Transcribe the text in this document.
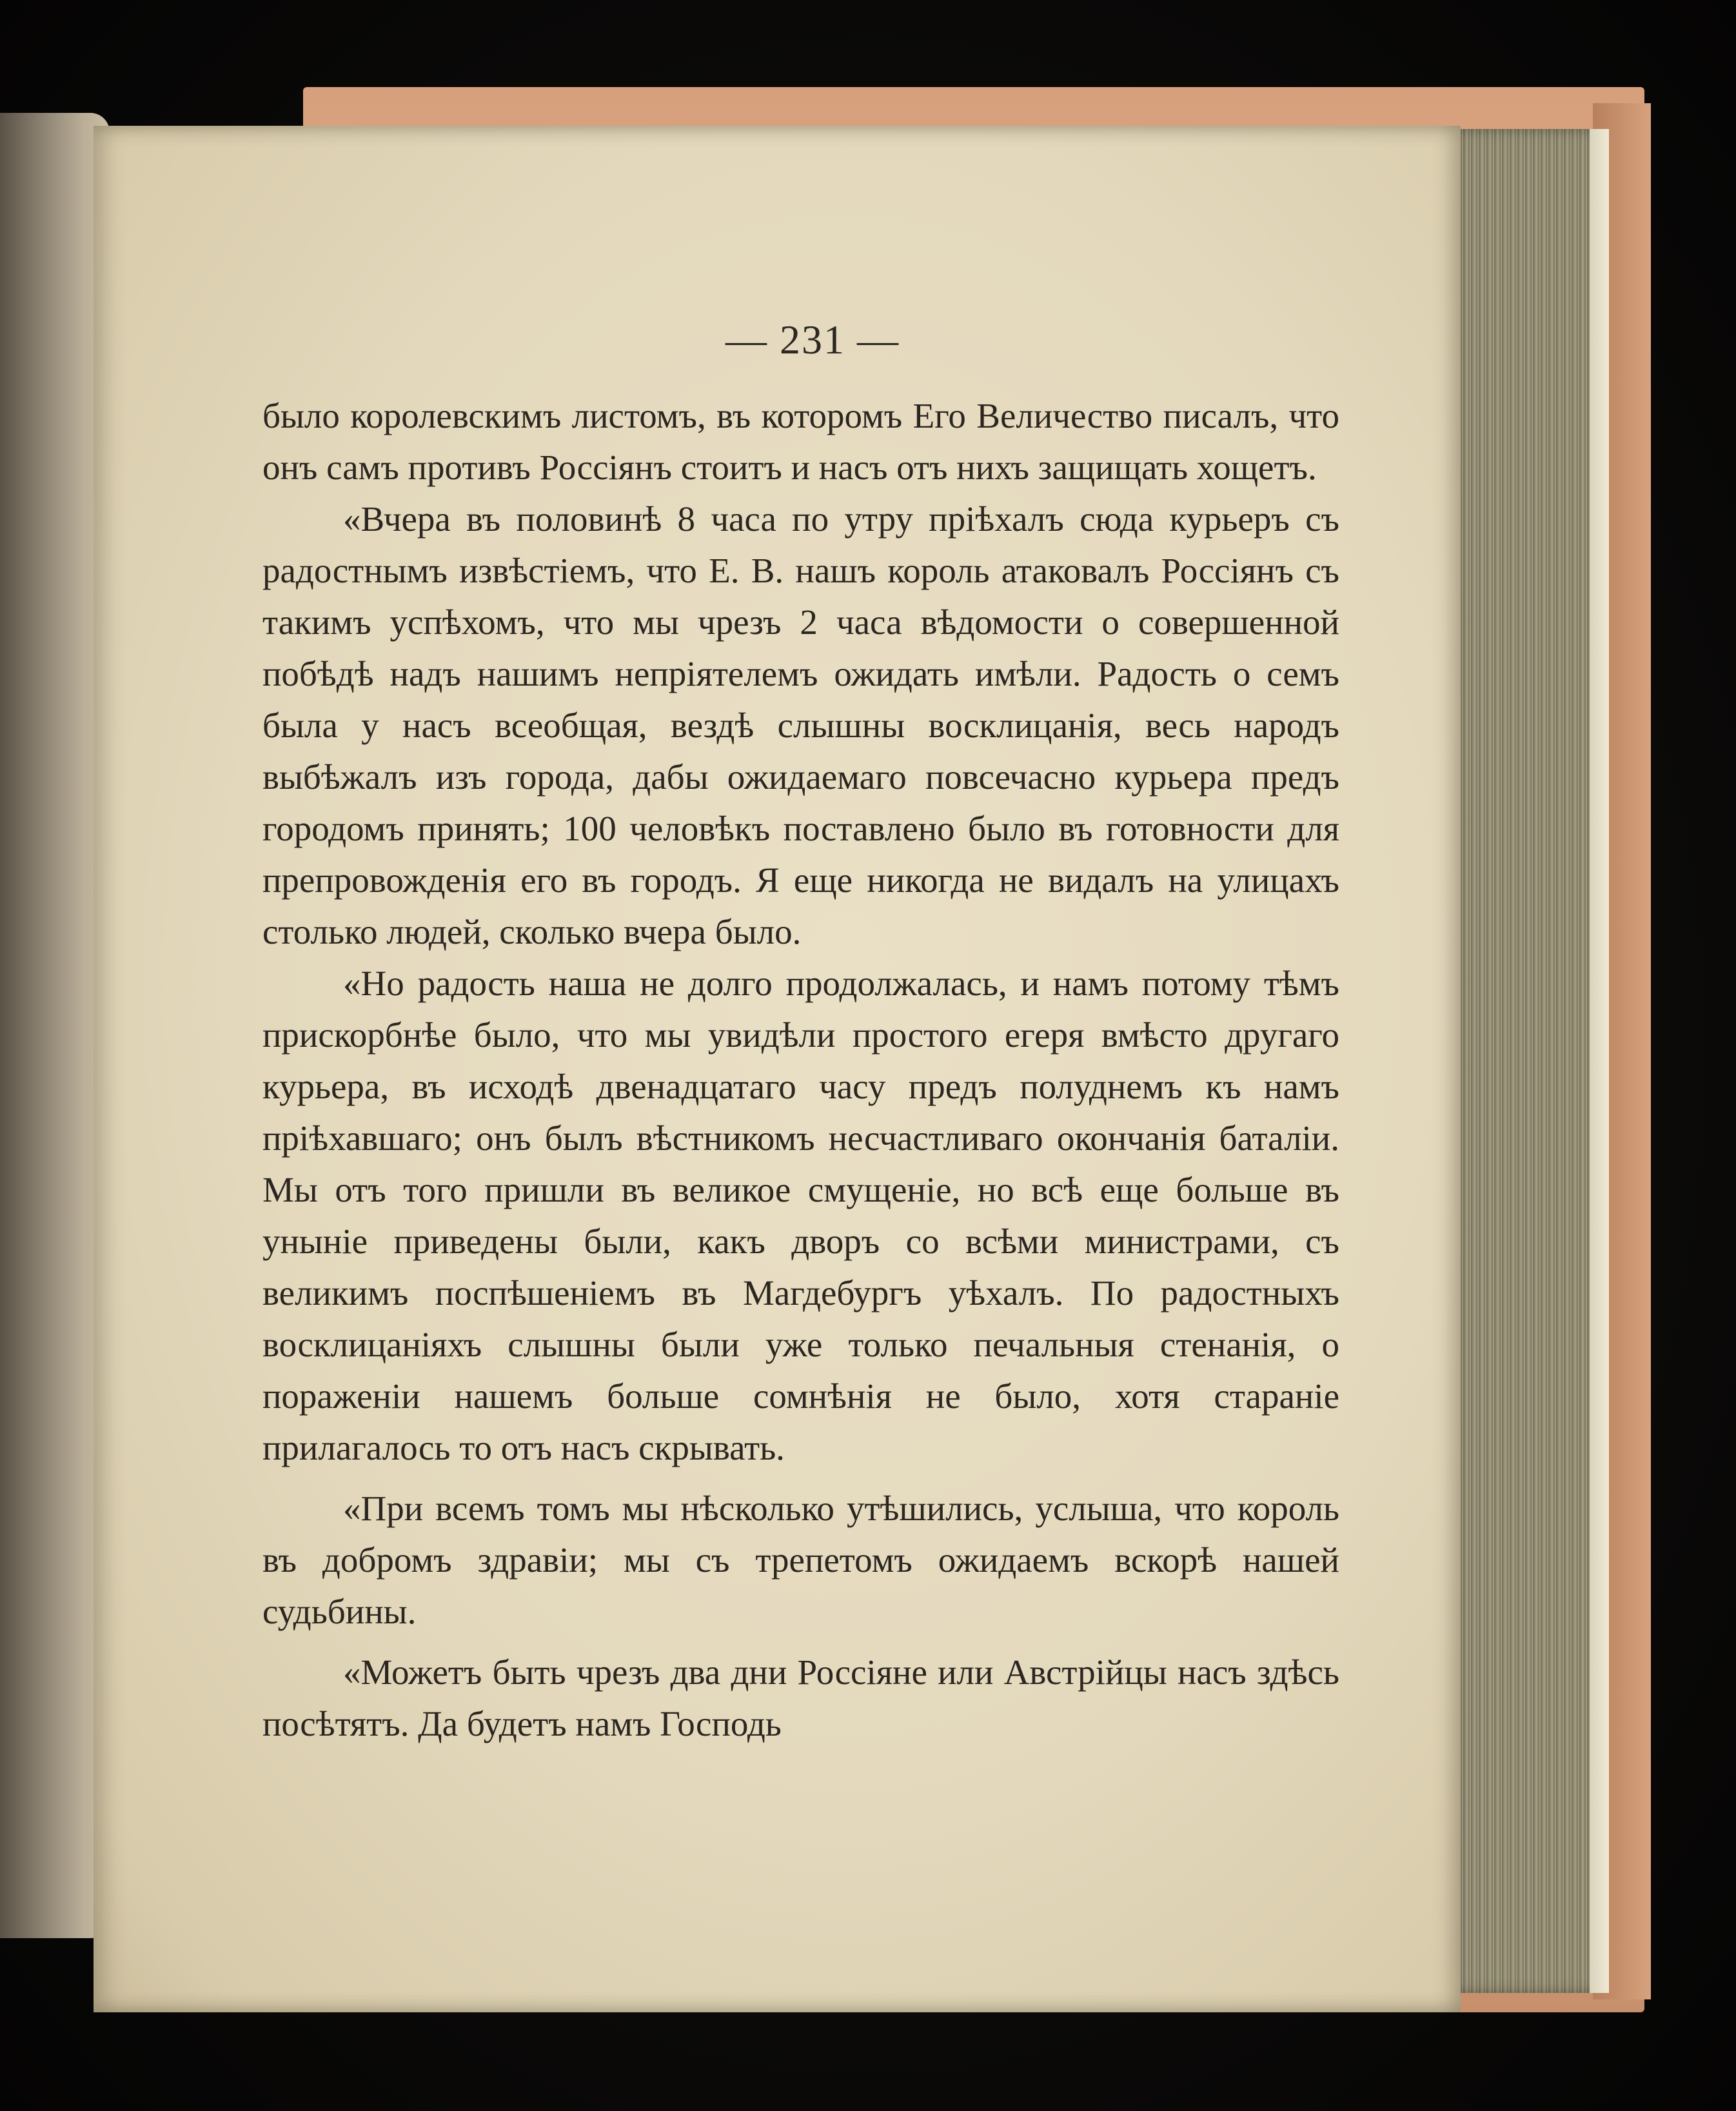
— 231 —

было королевскимъ листомъ, въ которомъ Его Величество писалъ, что онъ самъ противъ Россіянъ стоитъ и насъ отъ нихъ защищать хощетъ.

«Вчера въ половинѣ 8 часа по утру пріѣхалъ сюда курьеръ съ радостнымъ извѣстіемъ, что Е. В. нашъ король атаковалъ Россіянъ съ такимъ успѣхомъ, что мы чрезъ 2 часа вѣдомости о совершенной побѣдѣ надъ нашимъ непріятелемъ ожидать имѣли. Радость о семъ была у насъ всеобщая, вездѣ слышны восклицанія, весь народъ выбѣжалъ изъ города, дабы ожидаемаго повсечасно курьера предъ городомъ принять; 100 человѣкъ поставлено было въ готовности для препровожденія его въ городъ. Я еще никогда не видалъ на улицахъ столько людей, сколько вчера было.

«Но радость наша не долго продолжалась, и намъ потому тѣмъ прискорбнѣе было, что мы увидѣли простого егеря вмѣсто другаго курьера, въ исходѣ двенадцатаго часу предъ полуднемъ къ намъ пріѣхавшаго; онъ былъ вѣстникомъ несчастливаго окончанія баталіи. Мы отъ того пришли въ великое смущеніе, но всѣ еще больше въ уныніе приведены были, какъ дворъ со всѣми министрами, съ великимъ поспѣшеніемъ въ Магдебургъ уѣхалъ. По радостныхъ восклицаніяхъ слышны были уже только печальныя стенанія, о пораженіи нашемъ больше сомнѣнія не было, хотя стараніе прилагалось то отъ насъ скрывать.

«При всемъ томъ мы нѣсколько утѣшились, услыша, что король въ добромъ здравіи; мы съ трепетомъ ожидаемъ вскорѣ нашей судьбины.

«Можетъ быть чрезъ два дни Россіяне или Австрійцы насъ здѣсь посѣтятъ. Да будетъ намъ Господь
